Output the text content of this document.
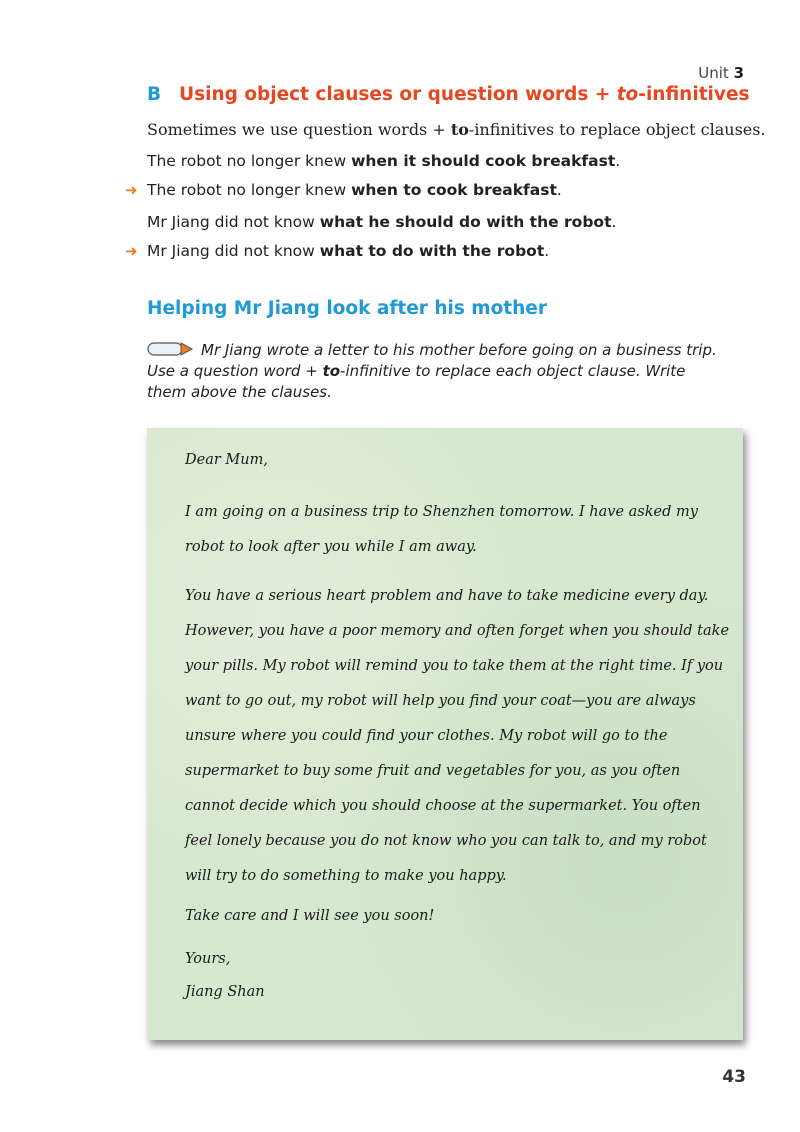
Unit 3
B Using object clauses or question words + to-infinitives
Sometimes we use question words + to-infinitives to replace object clauses.
The robot no longer knew when it should cook breakfast.
➜ The robot no longer knew when to cook breakfast.
Mr Jiang did not know what he should do with the robot.
➜ Mr Jiang did not know what to do with the robot.
Helping Mr Jiang look after his mother
Mr Jiang wrote a letter to his mother before going on a business trip. Use a question word + to-infinitive to replace each object clause. Write them above the clauses.

Dear Mum,

I am going on a business trip to Shenzhen tomorrow. I have asked my robot to look after you while I am away.

You have a serious heart problem and have to take medicine every day. However, you have a poor memory and often forget when you should take your pills. My robot will remind you to take them at the right time. If you want to go out, my robot will help you find your coat—you are always unsure where you could find your clothes. My robot will go to the supermarket to buy some fruit and vegetables for you, as you often cannot decide which you should choose at the supermarket. You often feel lonely because you do not know who you can talk to, and my robot will try to do something to make you happy.

Take care and I will see you soon!

Yours,

Jiang Shan

43
